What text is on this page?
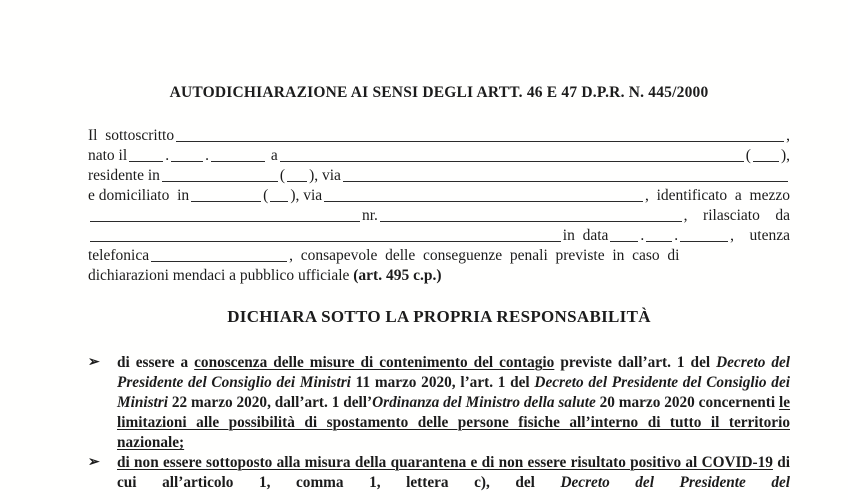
AUTODICHIARAZIONE AI SENSI DEGLI ARTT. 46 E 47 D.P.R. N. 445/2000
Il  sottoscritto	,
nato il . .	a	( ),
residente in	( ), via
e domiciliato  in	( ), via	,  identificato  a  mezzo
nr.	,    rilasciato    da
in  data . .	,    utenza
telefonica	,  consapevole  delle  conseguenze  penali  previste  in  caso  di
dichiarazioni mendaci a pubblico ufficiale (art. 495 c.p.)
DICHIARA SOTTO LA PROPRIA RESPONSABILITÀ
➢	di essere a conoscenza delle misure di contenimento del contagio previste dall’art. 1 del Decreto del Presidente del Consiglio dei Ministri 11 marzo 2020, l’art. 1 del Decreto del Presidente del Consiglio dei Ministri 22 marzo 2020, dall’art. 1 dell’Ordinanza del Ministro della salute 20 marzo 2020 concernenti le limitazioni alle possibilità di spostamento delle persone fisiche all’interno di tutto il territorio nazionale;
➢	di non essere sottoposto alla misura della quarantena e di non essere risultato positivo al COVID-19 di cui all’articolo 1, comma 1, lettera c), del Decreto del Presidente del
